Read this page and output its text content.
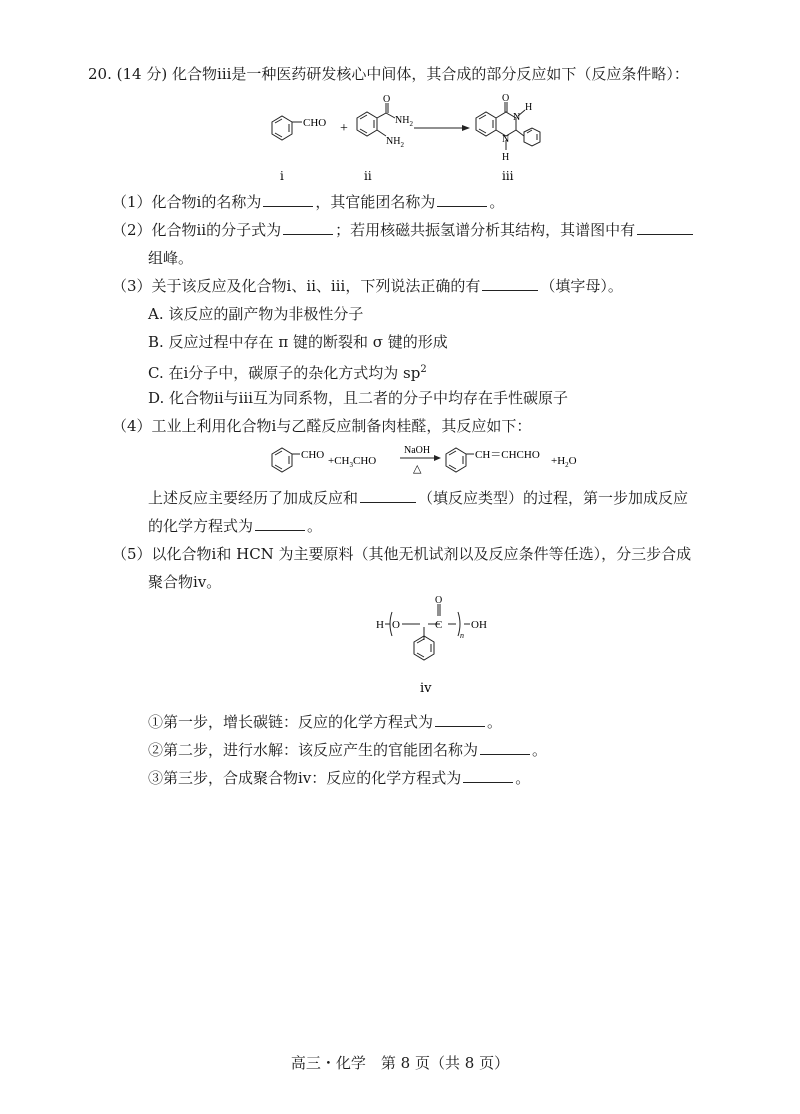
20. (14 分) 化合物ⅲ是一种医药研发核心中间体，其合成的部分反应如下（反应条件略）：
CHO +
O
$NH_2$
$NH_2$
O
H
N
N
H
ⅰ	ⅱ	ⅲ
（1）化合物ⅰ的名称为	，其官能团名称为	。
（2）化合物ⅱ的分子式为	；若用核磁共振氢谱分析其结构，其谱图中有
组峰。
（3）关于该反应及化合物ⅰ、ⅱ、ⅲ，下列说法正确的有	（填字母）。
A. 该反应的副产物为非极性分子
B. 反应过程中存在 π 键的断裂和 σ 键的形成
C. 在ⅰ分子中，碳原子的杂化方式均为 $sp^2$
D. 化合物ⅱ与ⅲ互为同系物，且二者的分子中均存在手性碳原子
（4）工业上利用化合物ⅰ与乙醛反应制备肉桂醛，其反应如下：
CHO $+CH_3CHO$
NaOH
△
CH＝CHCHO $+H_2O$
上述反应主要经历了加成反应和	（填反应类型）的过程，第一步加成反应
的化学方程式为	。
（5）以化合物ⅰ和 HCN 为主要原料（其他无机试剂以及反应条件等任选），分三步合成
聚合物ⅳ。
H O	C
O
n
OH
ⅳ
①第一步，增长碳链：反应的化学方程式为	。
②第二步，进行水解：该反应产生的官能团名称为	。
③第三步，合成聚合物ⅳ：反应的化学方程式为	。
高三・化学　第 8 页（共 8 页）
